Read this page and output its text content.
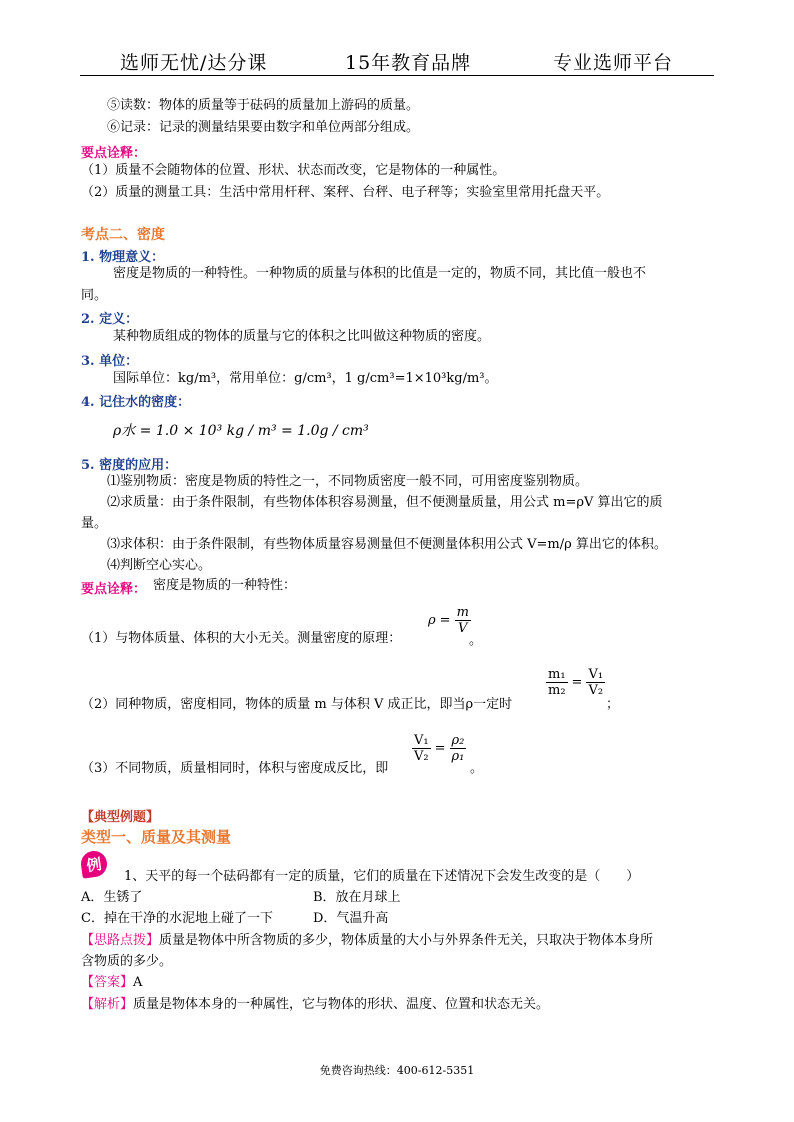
选师无忧/达分课	15年教育品牌	专业选师平台
⑤读数：物体的质量等于砝码的质量加上游码的质量。
⑥记录：记录的测量结果要由数字和单位两部分组成。
要点诠释：
（1）质量不会随物体的位置、形状、状态而改变，它是物体的一种属性。
（2）质量的测量工具：生活中常用杆秤、案秤、台秤、电子秤等；实验室里常用托盘天平。
考点二、密度
1. 物理意义：
密度是物质的一种特性。一种物质的质量与体积的比值是一定的，物质不同，其比值一般也不
同。
2. 定义：
某种物质组成的物体的质量与它的体积之比叫做这种物质的密度。
3. 单位：
国际单位：kg/m³，常用单位：g/cm³，1 g/cm³=1×10³kg/m³。
4. 记住水的密度：
ρ水 = 1.0 × 10³ kg / m³ = 1.0g / cm³
5. 密度的应用：
⑴鉴别物质：密度是物质的特性之一，不同物质密度一般不同，可用密度鉴别物质。
⑵求质量：由于条件限制，有些物体体积容易测量，但不便测量质量，用公式 m=ρV 算出它的质
量。
⑶求体积：由于条件限制，有些物体质量容易测量但不便测量体积用公式 V=m/ρ 算出它的体积。
⑷判断空心实心。
要点诠释： 密度是物质的一种特性：
（1）与物体质量、体积的大小无关。测量密度的原理：
$\rho = \frac{m}{V}$
。
（2）同种物质，密度相同，物体的质量 m 与体积 V 成正比，即当ρ一定时
$\frac{\text{m₁}}{\text{m₂}} = \frac{\text{V₁}}{\text{V₂}}$
；
（3）不同物质，质量相同时，体积与密度成反比，即
$\frac{\text{V₁}}{\text{V₂}} = \frac{\text{ρ₂}}{\text{ρ₁}}$
。
【典型例题】
类型一、质量及其测量
例
1、天平的每一个砝码都有一定的质量，它们的质量在下述情况下会发生改变的是（　　）
A．生锈了	B．放在月球上
C．掉在干净的水泥地上碰了一下	D．气温升高
【思路点拨】质量是物体中所含物质的多少，物体质量的大小与外界条件无关，只取决于物体本身所
含物质的多少。
【答案】A
【解析】质量是物体本身的一种属性，它与物体的形状、温度、位置和状态无关。
免费咨询热线：400-612-5351
